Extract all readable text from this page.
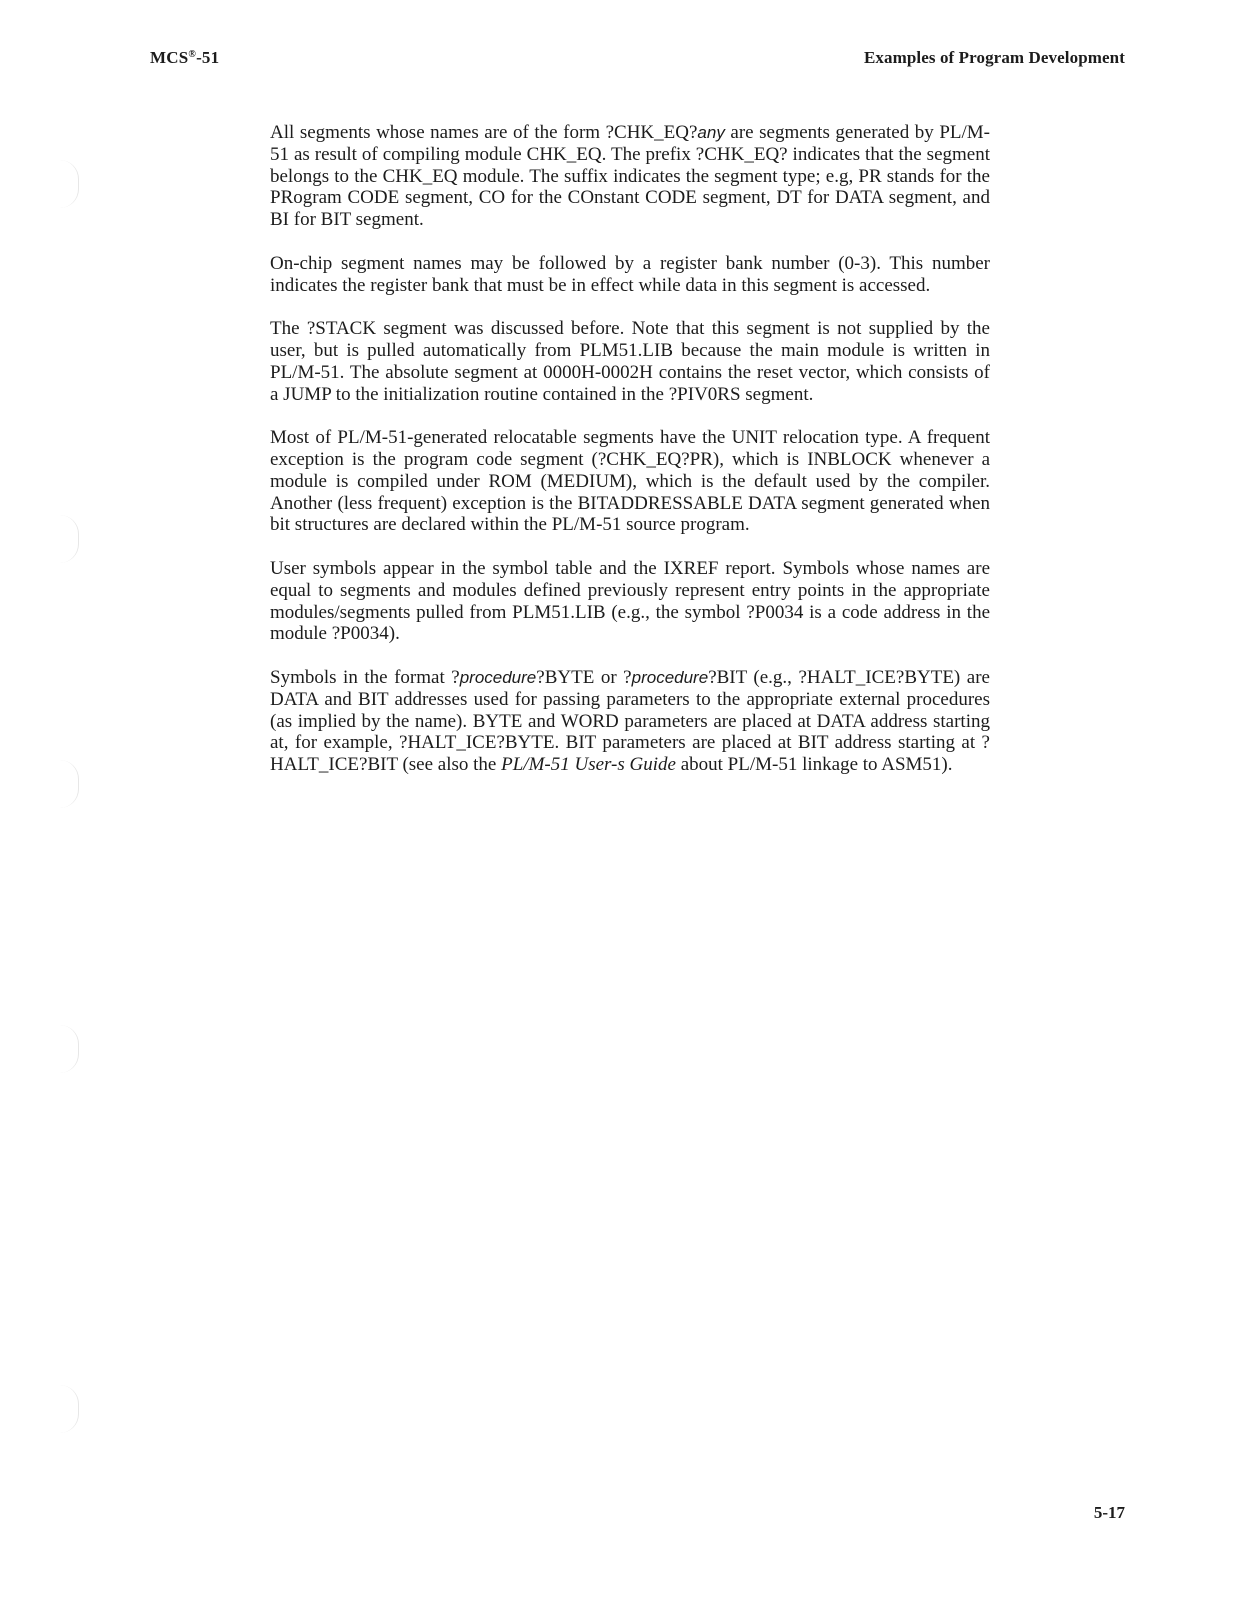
MCS®-51	Examples of Program Development

All segments whose names are of the form ?CHK_EQ?any are segments generated by PL/M-51 as result of compiling module CHK_EQ. The prefix ?CHK_EQ? indicates that the segment belongs to the CHK_EQ module. The suffix indicates the segment type; e.g, PR stands for the PRogram CODE segment, CO for the COnstant CODE segment, DT for DATA segment, and BI for BIT segment.

On-chip segment names may be followed by a register bank number (0-3). This number indicates the register bank that must be in effect while data in this segment is accessed.

The ?STACK segment was discussed before. Note that this segment is not supplied by the user, but is pulled automatically from PLM51.LIB because the main module is written in PL/M-51. The absolute segment at 0000H-0002H contains the reset vector, which consists of a JUMP to the initialization routine contained in the ?PIV0RS segment.

Most of PL/M-51-generated relocatable segments have the UNIT relocation type. A frequent exception is the program code segment (?CHK_EQ?PR), which is INBLOCK whenever a module is compiled under ROM (MEDIUM), which is the default used by the compiler. Another (less frequent) exception is the BITADDRESSABLE DATA segment generated when bit structures are declared within the PL/M-51 source program.

User symbols appear in the symbol table and the IXREF report. Symbols whose names are equal to segments and modules defined previously represent entry points in the appropriate modules/segments pulled from PLM51.LIB (e.g., the symbol ?P0034 is a code address in the module ?P0034).

Symbols in the format ?procedure?BYTE or ?procedure?BIT (e.g., ?HALT_ICE?BYTE) are DATA and BIT addresses used for passing parameters to the appropriate external procedures (as implied by the name). BYTE and WORD parameters are placed at DATA address starting at, for example, ?HALT_ICE?BYTE. BIT parameters are placed at BIT address starting at ?HALT_ICE?BIT (see also the PL/M-51 User-s Guide about PL/M-51 linkage to ASM51).

5-17
